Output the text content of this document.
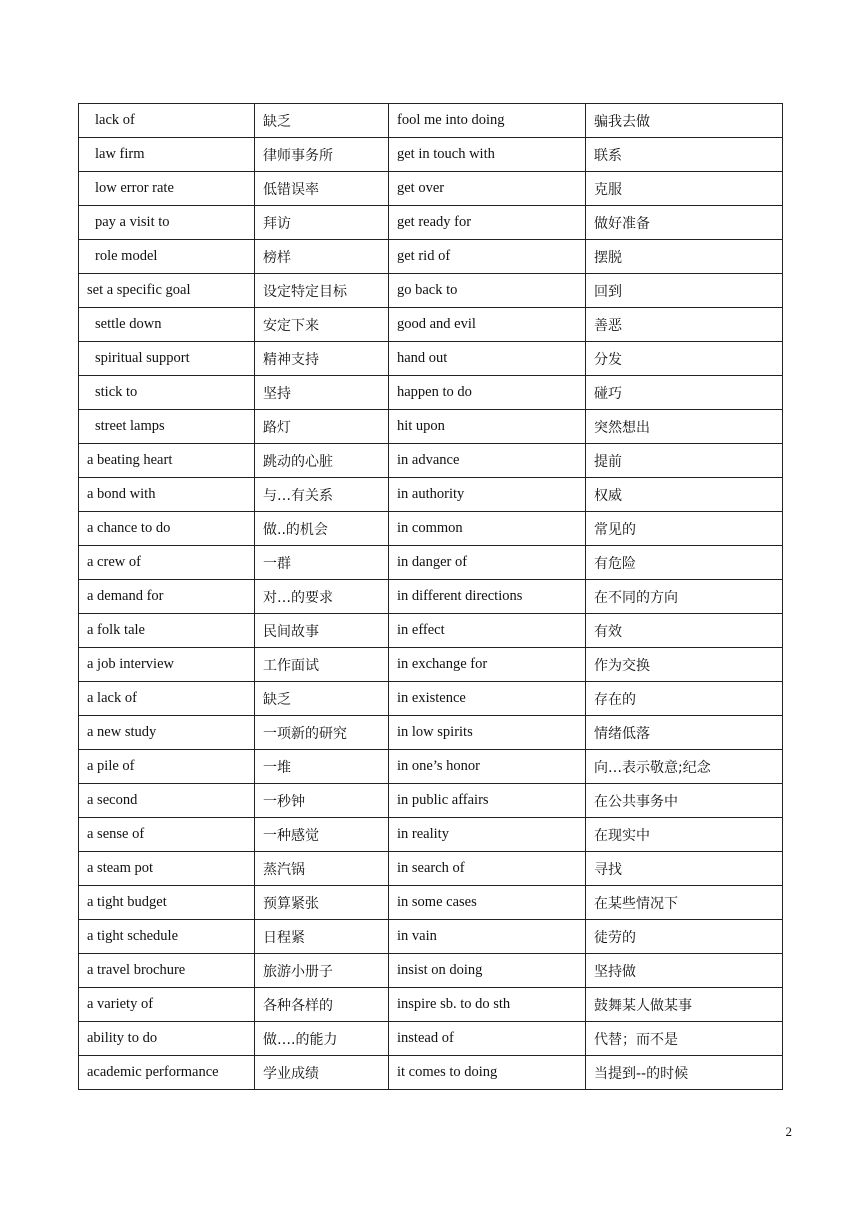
lack of	缺乏	fool me into doing	骗我去做
law firm	律师事务所	get in touch with	联系
low error rate	低错误率	get over	克服
pay a visit to	拜访	get ready for	做好准备
role model	榜样	get rid of	摆脱
set a specific goal	设定特定目标	go back to	回到
settle down	安定下来	good and evil	善恶
spiritual support	精神支持	hand out	分发
stick to	坚持	happen to do	碰巧
street lamps	路灯	hit upon	突然想出
a beating heart	跳动的心脏	in advance	提前
a bond with	与…有关系	in authority	权威
a chance to do	做..的机会	in common	常见的
a crew of	一群	in danger of	有危险
a demand for	对…的要求	in different directions	在不同的方向
a folk tale	民间故事	in effect	有效
a job interview	工作面试	in exchange for	作为交换
a lack of	缺乏	in existence	存在的
a new study	一项新的研究	in low spirits	情绪低落
a pile of	一堆	in one’s honor	向…表示敬意;纪念
a second	一秒钟	in public affairs	在公共事务中
a sense of	一种感觉	in reality	在现实中
a steam pot	蒸汽锅	in search of	寻找
a tight budget	预算紧张	in some cases	在某些情况下
a tight schedule	日程紧	in vain	徒劳的
a travel brochure	旅游小册子	insist on doing	坚持做
a variety of	各种各样的	inspire sb. to do sth	鼓舞某人做某事
ability to do	做….的能力	instead of	代替；而不是
academic performance	学业成绩	it comes to doing	当提到--的时候
2
